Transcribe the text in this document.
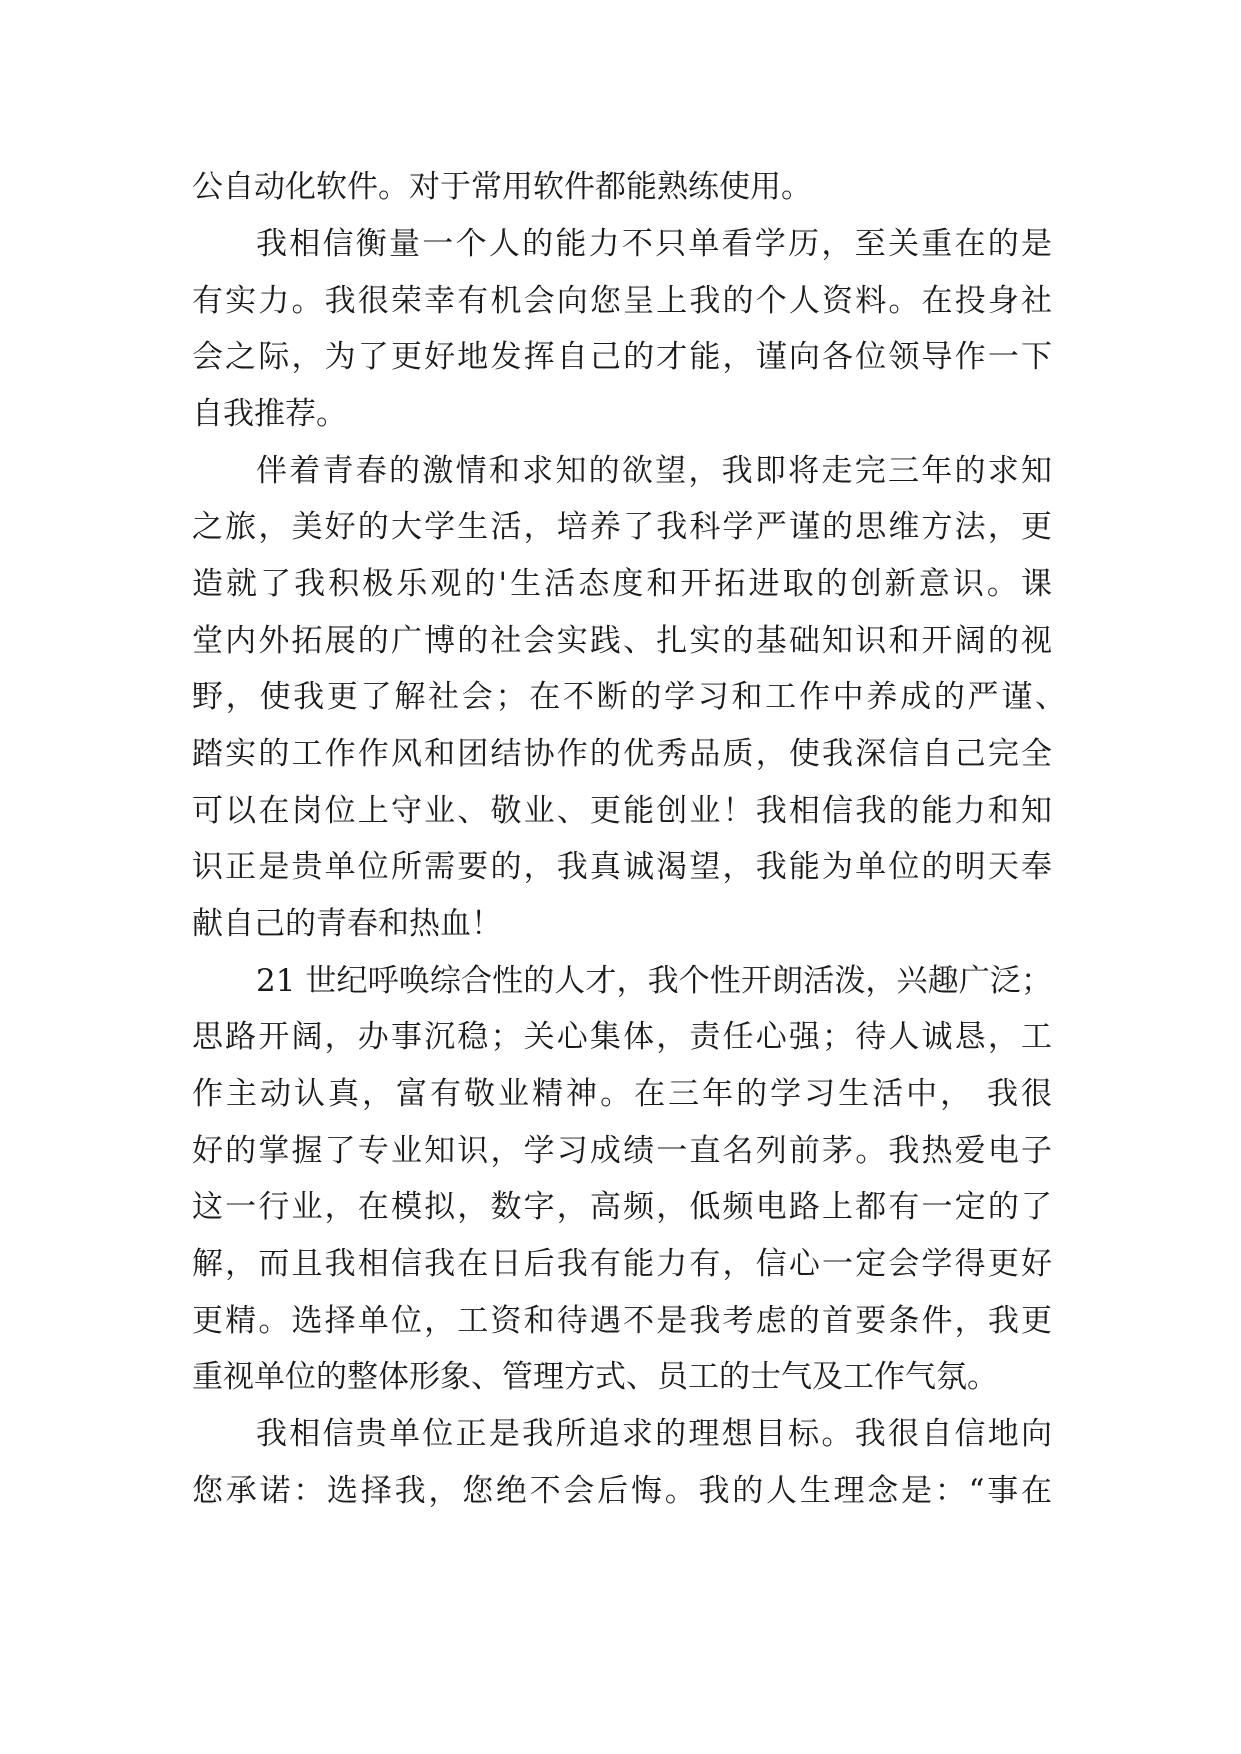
公自动化软件。对于常用软件都能熟练使用。
我相信衡量一个人的能力不只单看学历，至关重在的是
有实力。我很荣幸有机会向您呈上我的个人资料。在投身社
会之际，为了更好地发挥自己的才能，谨向各位领导作一下
自我推荐。
伴着青春的激情和求知的欲望，我即将走完三年的求知
之旅，美好的大学生活，培养了我科学严谨的思维方法，更
造就了我积极乐观的'生活态度和开拓进取的创新意识。课
堂内外拓展的广博的社会实践、扎实的基础知识和开阔的视
野，使我更了解社会；在不断的学习和工作中养成的严谨、
踏实的工作作风和团结协作的优秀品质，使我深信自己完全
可以在岗位上守业、敬业、更能创业！我相信我的能力和知
识正是贵单位所需要的，我真诚渴望，我能为单位的明天奉
献自己的青春和热血！
21 世纪呼唤综合性的人才，我个性开朗活泼，兴趣广泛；
思路开阔，办事沉稳；关心集体，责任心强；待人诚恳，工
作主动认真，富有敬业精神。在三年的学习生活中， 我很
好的掌握了专业知识，学习成绩一直名列前茅。我热爱电子
这一行业，在模拟，数字，高频，低频电路上都有一定的了
解，而且我相信我在日后我有能力有，信心一定会学得更好
更精。选择单位，工资和待遇不是我考虑的首要条件，我更
重视单位的整体形象、管理方式、员工的士气及工作气氛。
我相信贵单位正是我所追求的理想目标。我很自信地向
您承诺：选择我，您绝不会后悔。我的人生理念是：“事在
